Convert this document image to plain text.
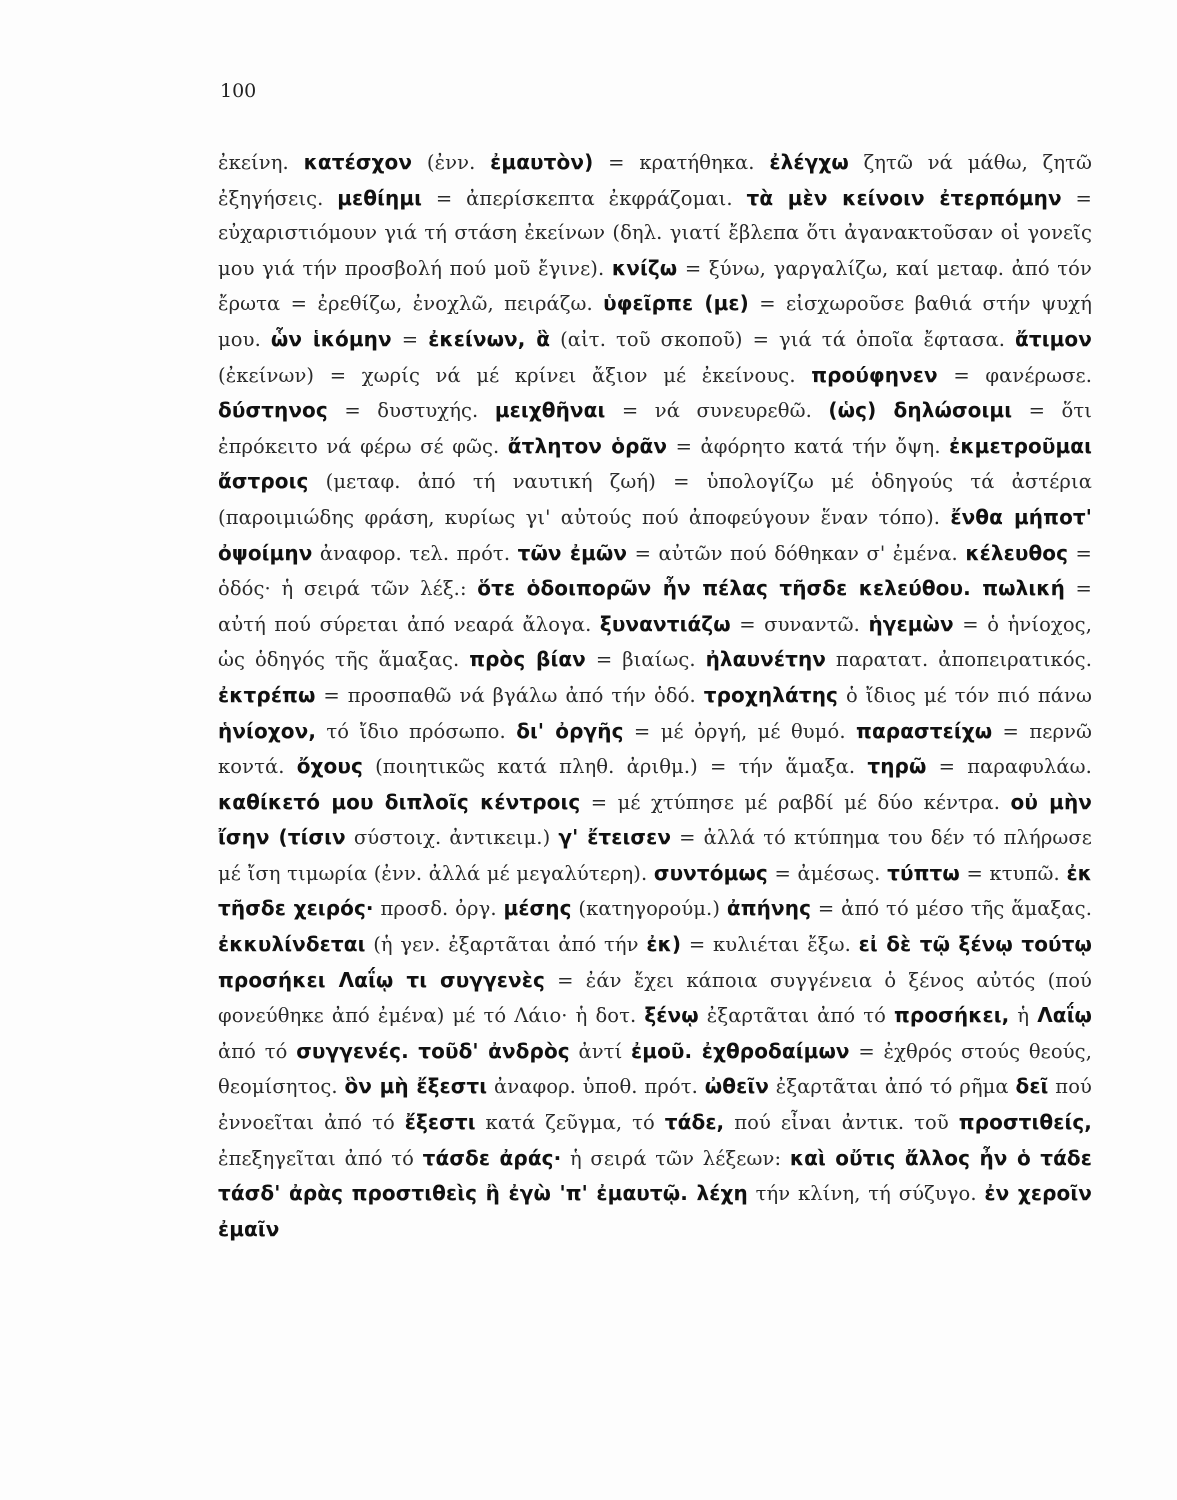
100

ἐκείνη. κατέσχον (ἐνν. ἐμαυτὸν) = κρατήθηκα. ἐλέγχω ζητῶ νά μάθω, ζητῶ ἐξηγήσεις. μεθίημι = ἀπερίσκεπτα ἐκφράζομαι. τὰ μὲν κείνοιν ἐτερπόμην = εὐχαριστιόμουν γιά τή στάση ἐκείνων (δηλ. γιατί ἔβλεπα ὅτι ἀγανακτοῦσαν οἱ γονεῖς μου γιά τήν προσβολή πού μοῦ ἔγινε). κνίζω = ξύνω, γαργαλίζω, καί μεταφ. ἀπό τόν ἔρωτα = ἐρεθίζω, ἐνοχλῶ, πειράζω. ὑφεῖρπε (με) = εἰσχωροῦσε βαθιά στήν ψυχή μου. ὧν ἱκόμην = ἐκείνων, ἃ (αἰτ. τοῦ σκοποῦ) = γιά τά ὁποῖα ἔφτασα. ἄτιμον (ἐκείνων) = χωρίς νά μέ κρίνει ἄξιον μέ ἐκείνους. προύφηνεν = φανέρωσε. δύστηνος = δυστυχής. μειχθῆναι = νά συνευρεθῶ. (ὡς) δηλώσοιμι = ὅτι ἐπρόκειτο νά φέρω σέ φῶς. ἄτλητον ὁρᾶν = ἀφόρητο κατά τήν ὄψη. ἐκμετροῦμαι ἄστροις (μεταφ. ἀπό τή ναυτική ζωή) = ὑπολογίζω μέ ὁδηγούς τά ἀστέρια (παροιμιώδης φράση, κυρίως γι' αὐτούς πού ἀποφεύγουν ἕναν τόπο). ἔνθα μήποτ' ὀψοίμην ἀναφορ. τελ. πρότ. τῶν ἐμῶν = αὐτῶν πού δόθηκαν σ' ἐμένα. κέλευθος = ὁδός· ἡ σειρά τῶν λέξ.: ὅτε ὁδοιπορῶν ἦν πέλας τῆσδε κελεύθου. πωλική = αὐτή πού σύρεται ἀπό νεαρά ἄλογα. ξυναντιάζω = συναντῶ. ἡγεμὼν = ὁ ἡνίοχος, ὡς ὁδηγός τῆς ἅμαξας. πρὸς βίαν = βιαίως. ἠλαυνέτην παρατατ. ἀποπειρατικός. ἐκτρέπω = προσπαθῶ νά βγάλω ἀπό τήν ὁδό. τροχηλάτης ὁ ἴδιος μέ τόν πιό πάνω ἡνίοχον, τό ἴδιο πρόσωπο. δι' ὀργῆς = μέ ὀργή, μέ θυμό. παραστείχω = περνῶ κοντά. ὄχους (ποιητικῶς κατά πληθ. ἀριθμ.) = τήν ἅμαξα. τηρῶ = παραφυλάω. καθίκετό μου διπλοῖς κέντροις = μέ χτύπησε μέ ραβδί μέ δύο κέντρα. οὐ μὴν ἴσην (τίσιν σύστοιχ. ἀντικειμ.) γ' ἔτεισεν = ἀλλά τό κτύπημα του δέν τό πλήρωσε μέ ἴση τιμωρία (ἐνν. ἀλλά μέ μεγαλύτερη). συντόμως = ἀμέσως. τύπτω = κτυπῶ. ἐκ τῆσδε χειρός· προσδ. ὀργ. μέσης (κατηγορούμ.) ἀπήνης = ἀπό τό μέσο τῆς ἅμαξας. ἐκκυλίνδεται (ἡ γεν. ἐξαρτᾶται ἀπό τήν ἐκ) = κυλιέται ἔξω. εἰ δὲ τῷ ξένῳ τούτῳ προσήκει Λαΐῳ τι συγγενὲς = ἐάν ἔχει κάποια συγγένεια ὁ ξένος αὐτός (πού φονεύθηκε ἀπό ἐμένα) μέ τό Λάιο· ἡ δοτ. ξένῳ ἐξαρτᾶται ἀπό τό προσήκει, ἡ Λαΐῳ ἀπό τό συγγενές. τοῦδ' ἀνδρὸς ἀντί ἐμοῦ. ἐχθροδαίμων = ἐχθρός στούς θεούς, θεομίσητος. ὃν μὴ ἔξεστι ἀναφορ. ὑποθ. πρότ. ὠθεῖν ἐξαρτᾶται ἀπό τό ρῆμα δεῖ πού ἐννοεῖται ἀπό τό ἔξεστι κατά ζεῦγμα, τό τάδε, πού εἶναι ἀντικ. τοῦ προστιθείς, ἐπεξηγεῖται ἀπό τό τάσδε ἀράς· ἡ σειρά τῶν λέξεων: καὶ οὔτις ἄλλος ἦν ὁ τάδε τάσδ' ἀρὰς προστιθεὶς ἢ ἐγὼ 'π' ἐμαυτῷ. λέχη τήν κλίνη, τή σύζυγο. ἐν χεροῖν ἐμαῖν
